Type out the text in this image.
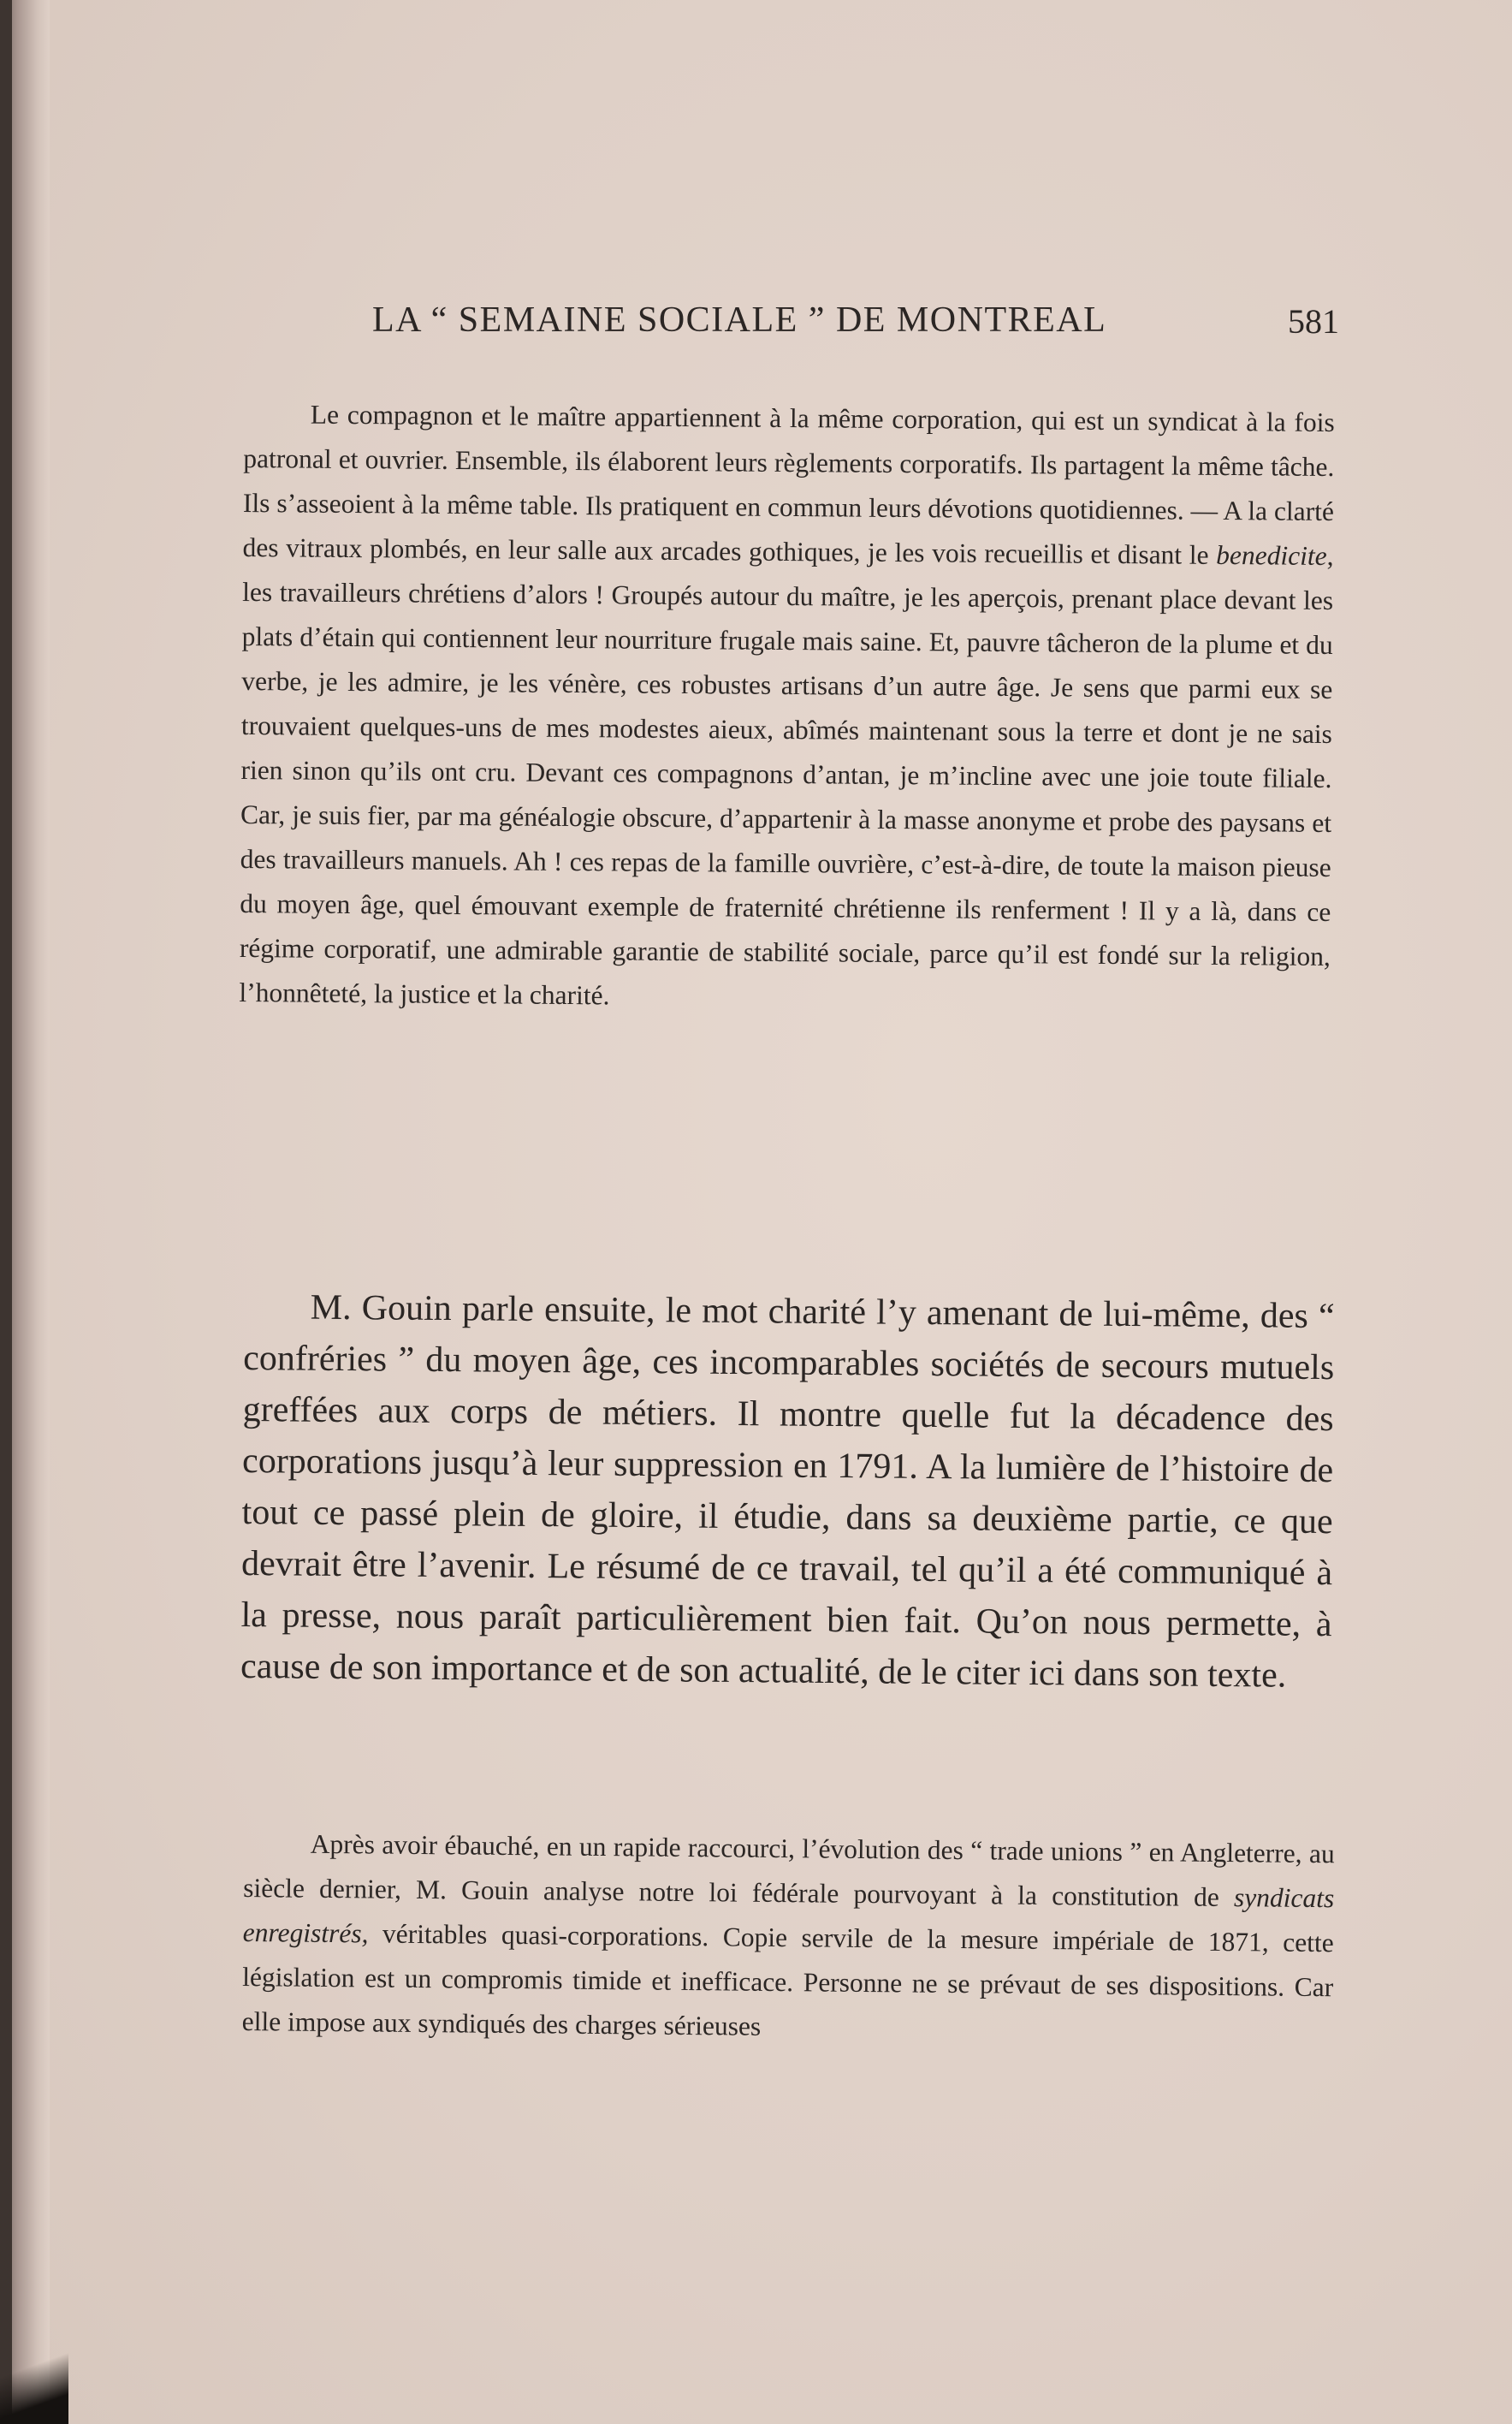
LA “ SEMAINE SOCIALE ” DE MONTREAL	581

Le compagnon et le maître appartiennent à la même corporation, qui est un syndicat à la fois patronal et ouvrier. Ensemble, ils élaborent leurs règlements corporatifs. Ils partagent la même tâche. Ils s’asseoient à la même table. Ils pratiquent en commun leurs dévotions quotidiennes. — A la clarté des vitraux plombés, en leur salle aux arcades gothiques, je les vois recueillis et disant le benedicite, les travailleurs chrétiens d’alors ! Groupés autour du maître, je les aperçois, prenant place devant les plats d’étain qui contiennent leur nourriture frugale mais saine. Et, pauvre tâcheron de la plume et du verbe, je les admire, je les vénère, ces robustes artisans d’un autre âge. Je sens que parmi eux se trouvaient quelques-uns de mes modestes aieux, abîmés maintenant sous la terre et dont je ne sais rien sinon qu’ils ont cru. Devant ces compagnons d’antan, je m’incline avec une joie toute filiale. Car, je suis fier, par ma généalogie obscure, d’appartenir à la masse anonyme et probe des paysans et des travailleurs manuels. Ah ! ces repas de la famille ouvrière, c’est-à-dire, de toute la maison pieuse du moyen âge, quel émouvant exemple de fraternité chrétienne ils renferment ! Il y a là, dans ce régime corporatif, une admirable garantie de stabilité sociale, parce qu’il est fondé sur la religion, l’honnêteté, la justice et la charité.

M. Gouin parle ensuite, le mot charité l’y amenant de lui-même, des “ confréries ” du moyen âge, ces incomparables sociétés de secours mutuels greffées aux corps de métiers. Il montre quelle fut la décadence des corporations jusqu’à leur suppression en 1791. A la lumière de l’histoire de tout ce passé plein de gloire, il étudie, dans sa deuxième partie, ce que devrait être l’avenir. Le résumé de ce travail, tel qu’il a été communiqué à la presse, nous paraît particulièrement bien fait. Qu’on nous permette, à cause de son importance et de son actualité, de le citer ici dans son texte.

Après avoir ébauché, en un rapide raccourci, l’évolution des “ trade unions ” en Angleterre, au siècle dernier, M. Gouin analyse notre loi fédérale pourvoyant à la constitution de syndicats enregistrés, véritables quasi-corporations. Copie servile de la mesure impériale de 1871, cette législation est un compromis timide et inefficace. Personne ne se prévaut de ses dispositions. Car elle impose aux syndiqués des charges sérieuses
